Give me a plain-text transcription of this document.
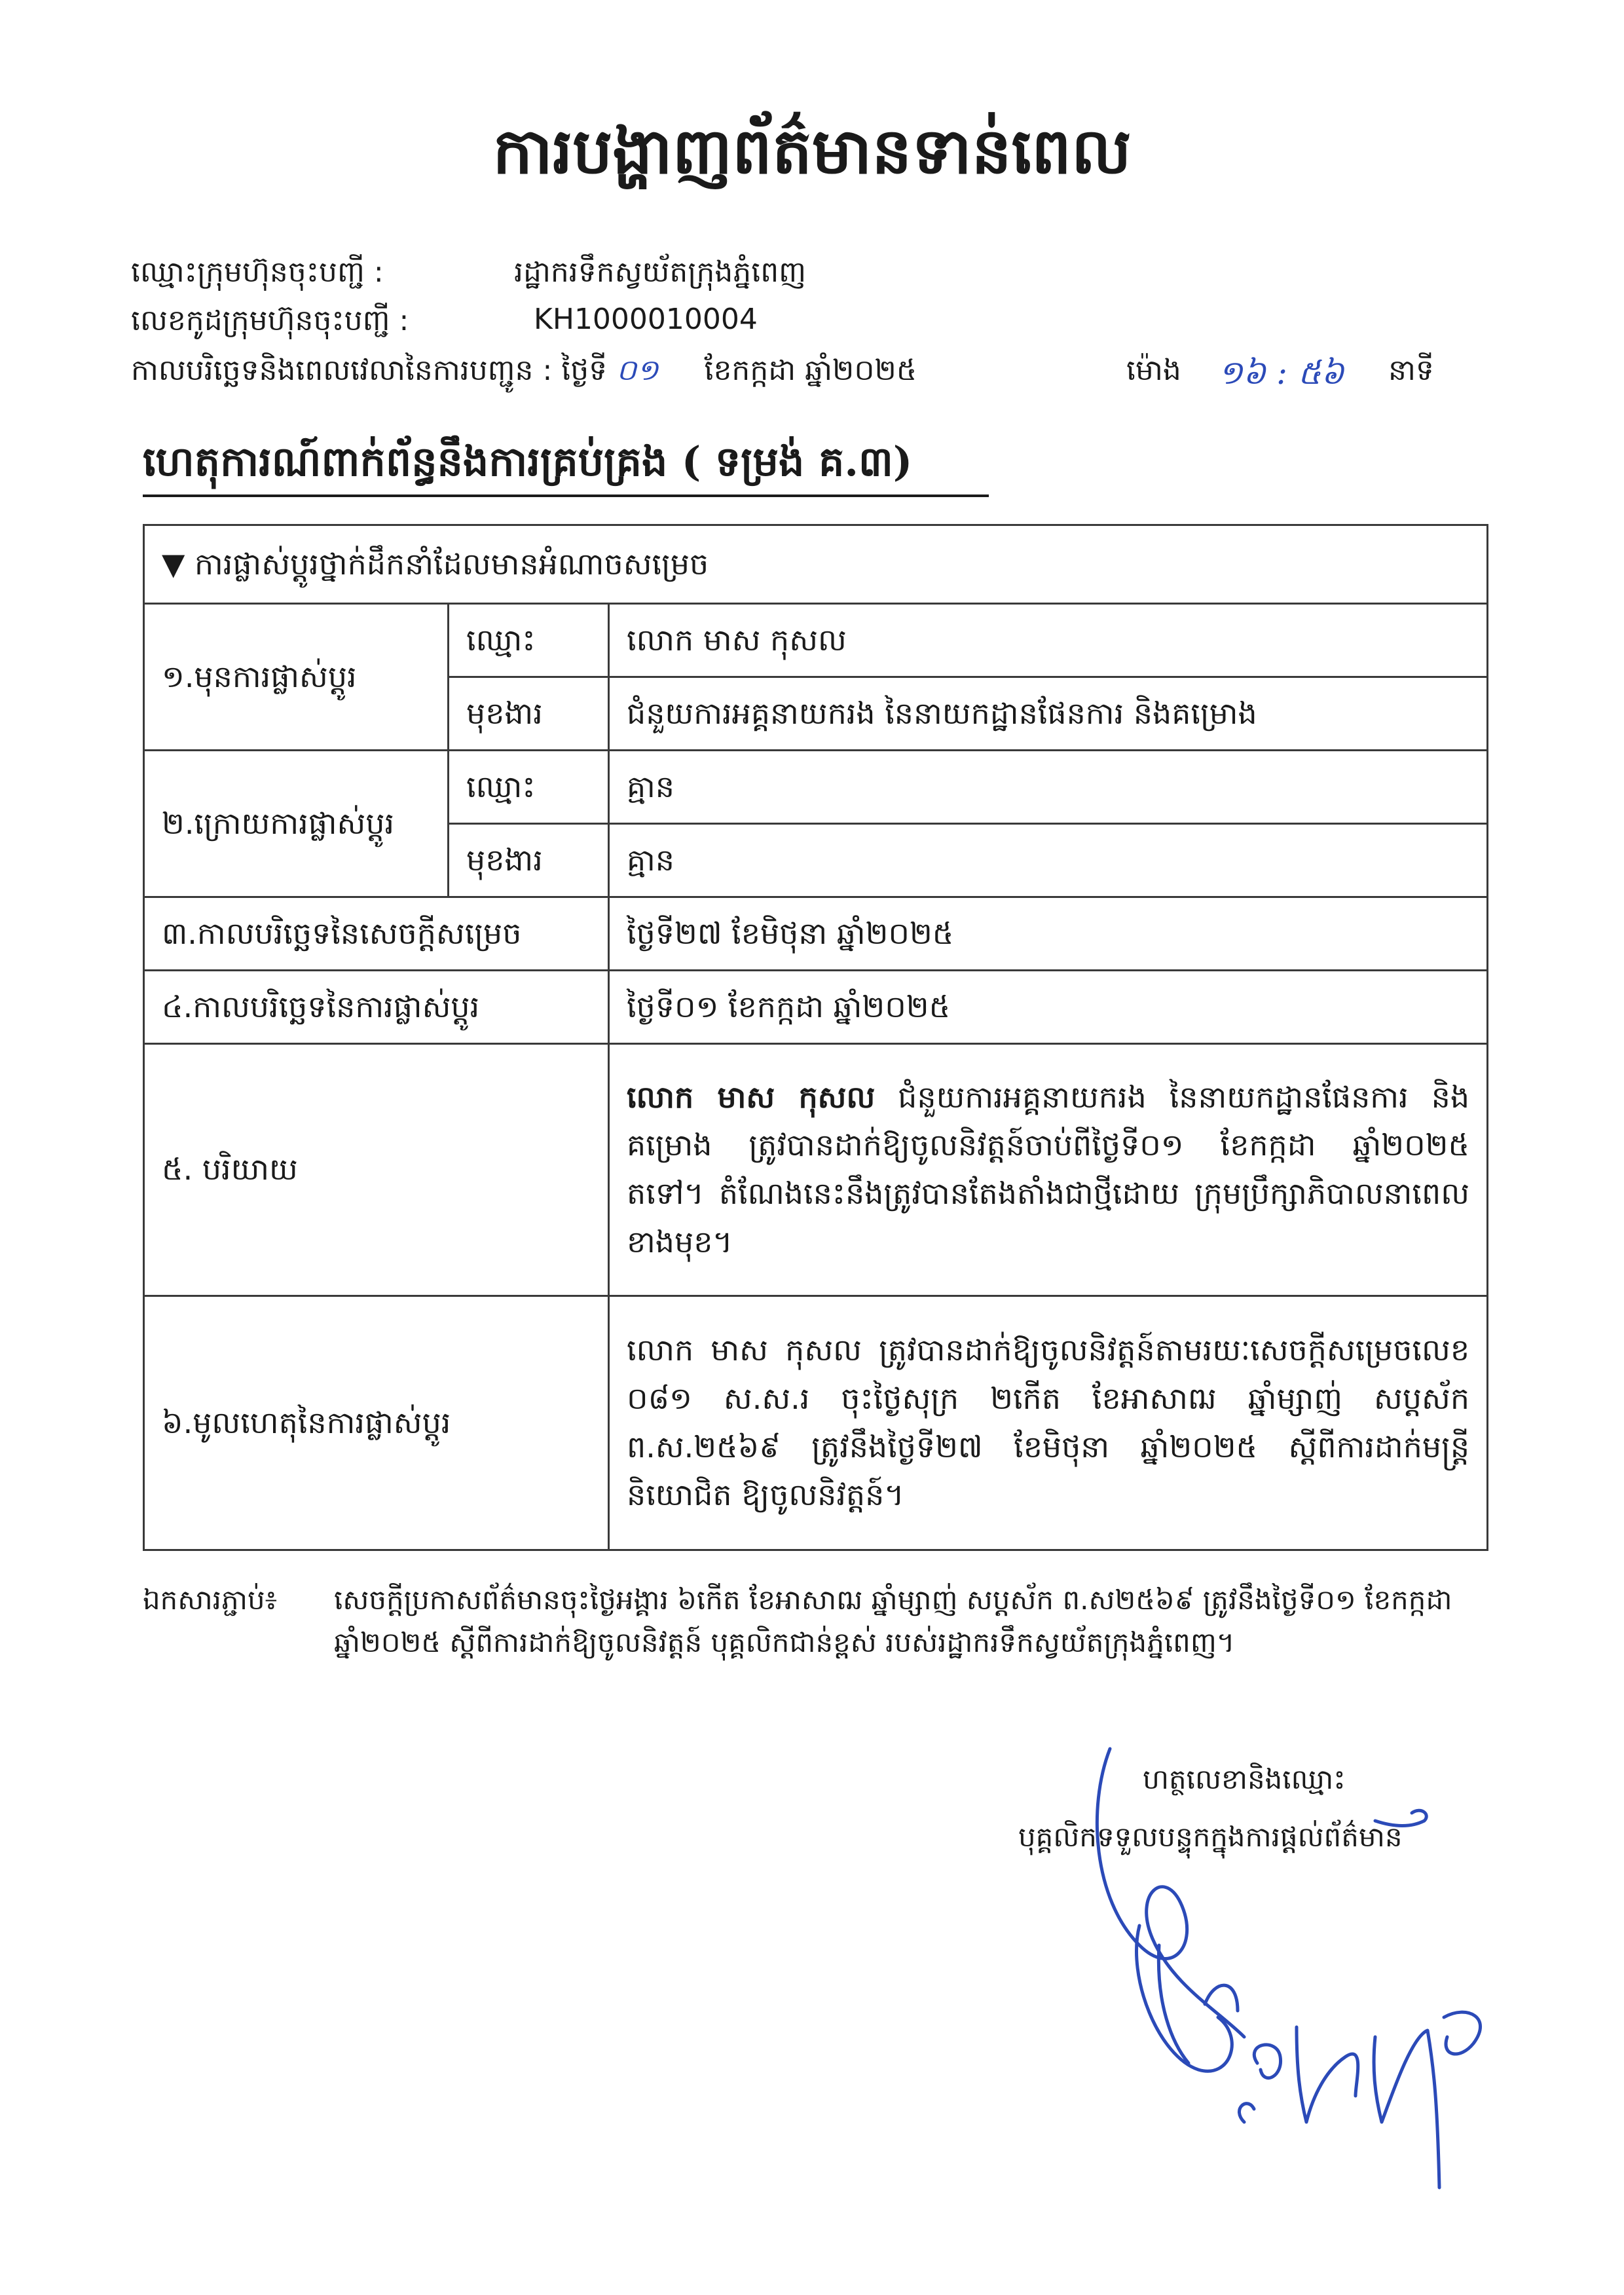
ការបង្ហាញព័ត៌មានទាន់ពេល
ឈ្មោះក្រុមហ៊ុនចុះបញ្ជី :	រដ្ឋាករទឹកស្វយ័តក្រុងភ្នំពេញ
លេខកូដក្រុមហ៊ុនចុះបញ្ជី :	KH1000010004
កាលបរិច្ឆេទនិងពេលវេលានៃការបញ្ជូន : ថ្ងៃទី ០១ ខែកក្កដា ឆ្នាំ២០២៥	ម៉ោង ១៦ : ៥៦ នាទី
ហេតុការណ៍ពាក់ព័ន្ធនឹងការគ្រប់គ្រង ( ទម្រង់ គ.៣)
▼ ការផ្លាស់ប្តូរថ្នាក់ដឹកនាំដែលមានអំណាចសម្រេច		
១.មុនការផ្លាស់ប្តូរ	ឈ្មោះ	លោក មាស កុសល
	មុខងារ	ជំនួយការអគ្គនាយករង នៃនាយកដ្ឋានផែនការ និងគម្រោង
២.ក្រោយការផ្លាស់ប្តូរ	ឈ្មោះ	គ្មាន
	មុខងារ	គ្មាន
៣.កាលបរិច្ឆេទនៃសេចក្តីសម្រេច		ថ្ងៃទី២៧ ខែមិថុនា ឆ្នាំ២០២៥
៤.កាលបរិច្ឆេទនៃការផ្លាស់ប្តូរ		ថ្ងៃទី០១ ខែកក្កដា ឆ្នាំ២០២៥
៥. បរិយាយ		លោក មាស កុសល ជំនួយការអគ្គនាយករង នៃនាយកដ្ឋានផែនការ និងគម្រោង ត្រូវបានដាក់ឱ្យចូលនិវត្តន៍ចាប់ពីថ្ងៃទី០១ ខែកក្កដា ឆ្នាំ២០២៥ តទៅ។ តំណែងនេះនឹងត្រូវបានតែងតាំងជាថ្មីដោយ ក្រុមប្រឹក្សាភិបាលនាពេលខាងមុខ។
៦.មូលហេតុនៃការផ្លាស់ប្តូរ		លោក មាស កុសល ត្រូវបានដាក់ឱ្យចូលនិវត្តន៍តាមរយៈសេចក្តីសម្រេចលេខ ០៨១ ស.ស.រ ចុះថ្ងៃសុក្រ ២កើត ខែអាសាឍ ឆ្នាំម្សាញ់ សប្តស័ក ព.ស.២៥៦៩ ត្រូវនឹងថ្ងៃទី២៧ ខែមិថុនា ឆ្នាំ២០២៥ ស្តីពីការដាក់មន្ត្រីនិយោជិត ឱ្យចូលនិវត្តន៍។
ឯកសារភ្ជាប់៖ សេចក្តីប្រកាសព័ត៌មានចុះថ្ងៃអង្គារ ៦កើត ខែអាសាឍ ឆ្នាំម្សាញ់ សប្តស័ក ព.ស២៥៦៩ ត្រូវនឹងថ្ងៃទី០១ ខែកក្កដា ឆ្នាំ២០២៥ ស្តីពីការដាក់ឱ្យចូលនិវត្តន៍ បុគ្គលិកជាន់ខ្ពស់ របស់រដ្ឋាករទឹកស្វយ័តក្រុងភ្នំពេញ។
ហត្ថលេខានិងឈ្មោះ
បុគ្គលិកទទួលបន្ទុកក្នុងការផ្តល់ព័ត៌មាន
